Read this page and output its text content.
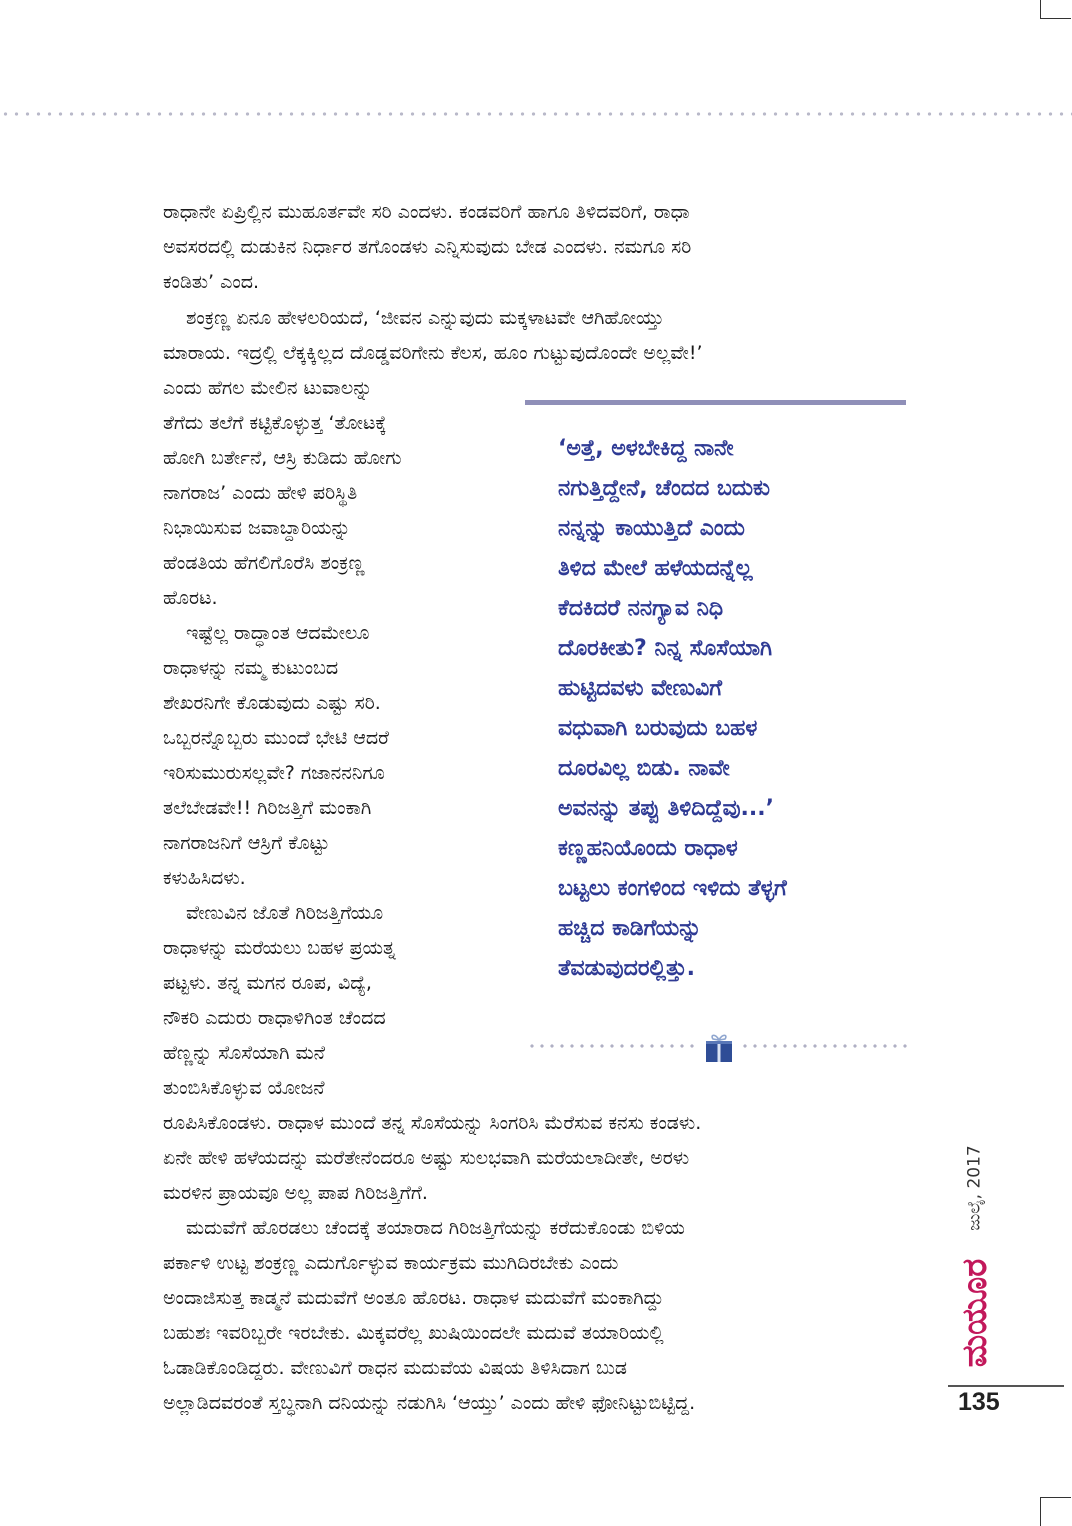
ರಾಧಾನೇ ಏಪ್ರಿಲ್ಲಿನ ಮುಹೂರ್ತವೇ ಸರಿ ಎಂದಳು. ಕಂಡವರಿಗೆ ಹಾಗೂ ತಿಳಿದವರಿಗೆ, ರಾಧಾ
ಅವಸರದಲ್ಲಿ ದುಡುಕಿನ ನಿರ್ಧಾರ ತಗೊಂಡಳು ಎನ್ನಿಸುವುದು ಬೇಡ ಎಂದಳು. ನಮಗೂ ಸರಿ
ಕಂಡಿತು’ ಎಂದ.
ಶಂಕ್ರಣ್ಣ ಏನೂ ಹೇಳಲರಿಯದೆ, ‘ಜೀವನ ಎನ್ನುವುದು ಮಕ್ಕಳಾಟವೇ ಆಗಿಹೋಯ್ತು
ಮಾರಾಯ. ಇದ್ರಲ್ಲಿ ಲೆಕ್ಕಕ್ಕಿಲ್ಲದ ದೊಡ್ಡವರಿಗೇನು ಕೆಲಸ, ಹೂಂ ಗುಟ್ಟುವುದೊಂದೇ ಅಲ್ಲವೇ!’
ಎಂದು ಹೆಗಲ ಮೇಲಿನ ಟುವಾಲನ್ನು
ತೆಗೆದು ತಲೆಗೆ ಕಟ್ಟಿಕೊಳ್ಳುತ್ತ ‘ತೋಟಕ್ಕೆ
ಹೋಗಿ ಬರ್ತೇನೆ, ಆಸ್ರಿ ಕುಡಿದು ಹೋಗು
ನಾಗರಾಜ’ ಎಂದು ಹೇಳಿ ಪರಿಸ್ಥಿತಿ
ನಿಭಾಯಿಸುವ ಜವಾಬ್ದಾರಿಯನ್ನು
ಹೆಂಡತಿಯ ಹೆಗಲಿಗೊರೆಸಿ ಶಂಕ್ರಣ್ಣ
ಹೊರಟ.
ಇಷ್ಟೆಲ್ಲ ರಾದ್ಧಾಂತ ಆದಮೇಲೂ
ರಾಧಾಳನ್ನು ನಮ್ಮ ಕುಟುಂಬದ
ಶೇಖರನಿಗೇ ಕೊಡುವುದು ಎಷ್ಟು ಸರಿ.
ಒಬ್ಬರನ್ನೊಬ್ಬರು ಮುಂದೆ ಭೇಟಿ ಆದರೆ
ಇರಿಸುಮುರುಸಲ್ಲವೇ? ಗಜಾನನನಿಗೂ
ತಲೆಬೇಡವೇ!! ಗಿರಿಜತ್ತಿಗೆ ಮಂಕಾಗಿ
ನಾಗರಾಜನಿಗೆ ಆಸ್ರಿಗೆ ಕೊಟ್ಟು
ಕಳುಹಿಸಿದಳು.
ವೇಣುವಿನ ಜೊತೆ ಗಿರಿಜತ್ತಿಗೆಯೂ
ರಾಧಾಳನ್ನು ಮರೆಯಲು ಬಹಳ ಪ್ರಯತ್ನ
ಪಟ್ಟಳು. ತನ್ನ ಮಗನ ರೂಪ, ವಿದ್ಯೆ,
ನೌಕರಿ ಎದುರು ರಾಧಾಳಿಗಿಂತ ಚೆಂದದ
ಹೆಣ್ಣನ್ನು ಸೊಸೆಯಾಗಿ ಮನೆ
ತುಂಬಿಸಿಕೊಳ್ಳುವ ಯೋಜನೆ
‘ಅತ್ತೆ, ಅಳಬೇಕಿದ್ದ ನಾನೇ
ನಗುತ್ತಿದ್ದೇನೆ, ಚೆಂದದ ಬದುಕು
ನನ್ನನ್ನು ಕಾಯುತ್ತಿದೆ ಎಂದು
ತಿಳಿದ ಮೇಲೆ ಹಳೆಯದನ್ನೆಲ್ಲ
ಕೆದಕಿದರೆ ನನಗ್ಯಾವ ನಿಧಿ
ದೊರಕೀತು? ನಿನ್ನ ಸೊಸೆಯಾಗಿ
ಹುಟ್ಟಿದವಳು ವೇಣುವಿಗೆ
ವಧುವಾಗಿ ಬರುವುದು ಬಹಳ
ದೂರವಿಲ್ಲ ಬಿಡು. ನಾವೇ
ಅವನನ್ನು ತಪ್ಪು ತಿಳಿದಿದ್ದೆವು...’
ಕಣ್ಣಹನಿಯೊಂದು ರಾಧಾಳ
ಬಟ್ಟಲು ಕಂಗಳಿಂದ ಇಳಿದು ತೆಳ್ಳಗೆ
ಹಚ್ಚಿದ ಕಾಡಿಗೆಯನ್ನು
ತೆವಡುವುದರಲ್ಲಿತ್ತು.
ರೂಪಿಸಿಕೊಂಡಳು. ರಾಧಾಳ ಮುಂದೆ ತನ್ನ ಸೊಸೆಯನ್ನು ಸಿಂಗರಿಸಿ ಮೆರೆಸುವ ಕನಸು ಕಂಡಳು.
ಏನೇ ಹೇಳಿ ಹಳೆಯದನ್ನು ಮರೆತೇನೆಂದರೂ ಅಷ್ಟು ಸುಲಭವಾಗಿ ಮರೆಯಲಾದೀತೇ, ಅರಳು
ಮರಳಿನ ಪ್ರಾಯವೂ ಅಲ್ಲ ಪಾಪ ಗಿರಿಜತ್ತಿಗೆಗೆ.
ಮದುವೆಗೆ ಹೊರಡಲು ಚೆಂದಕ್ಕೆ ತಯಾರಾದ ಗಿರಿಜತ್ತಿಗೆಯನ್ನು ಕರೆದುಕೊಂಡು ಬಿಳಿಯ
ಪರ್ಕಾಳಿ ಉಟ್ಟ ಶಂಕ್ರಣ್ಣ ಎದುರ್ಗೊಳ್ಳುವ ಕಾರ್ಯಕ್ರಮ ಮುಗಿದಿರಬೇಕು ಎಂದು
ಅಂದಾಜಿಸುತ್ತ ಕಾಡ್ಮನೆ ಮದುವೆಗೆ ಅಂತೂ ಹೊರಟ. ರಾಧಾಳ ಮದುವೆಗೆ ಮಂಕಾಗಿದ್ದು
ಬಹುಶಃ ಇವರಿಬ್ಬರೇ ಇರಬೇಕು. ಮಿಕ್ಕವರೆಲ್ಲ ಖುಷಿಯಿಂದಲೇ ಮದುವೆ ತಯಾರಿಯಲ್ಲಿ
ಓಡಾಡಿಕೊಂಡಿದ್ದರು. ವೇಣುವಿಗೆ ರಾಧನ ಮದುವೆಯ ವಿಷಯ ತಿಳಿಸಿದಾಗ ಬುಡ
ಅಲ್ಲಾಡಿದವರಂತೆ ಸ್ತಬ್ಧನಾಗಿ ದನಿಯನ್ನು ನಡುಗಿಸಿ ‘ಆಯ್ತು’ ಎಂದು ಹೇಳಿ ಫೋನಿಟ್ಟುಬಿಟ್ಟಿದ್ದ.
ಜುಲೈ, 2017
ಮಯೂರ
135
